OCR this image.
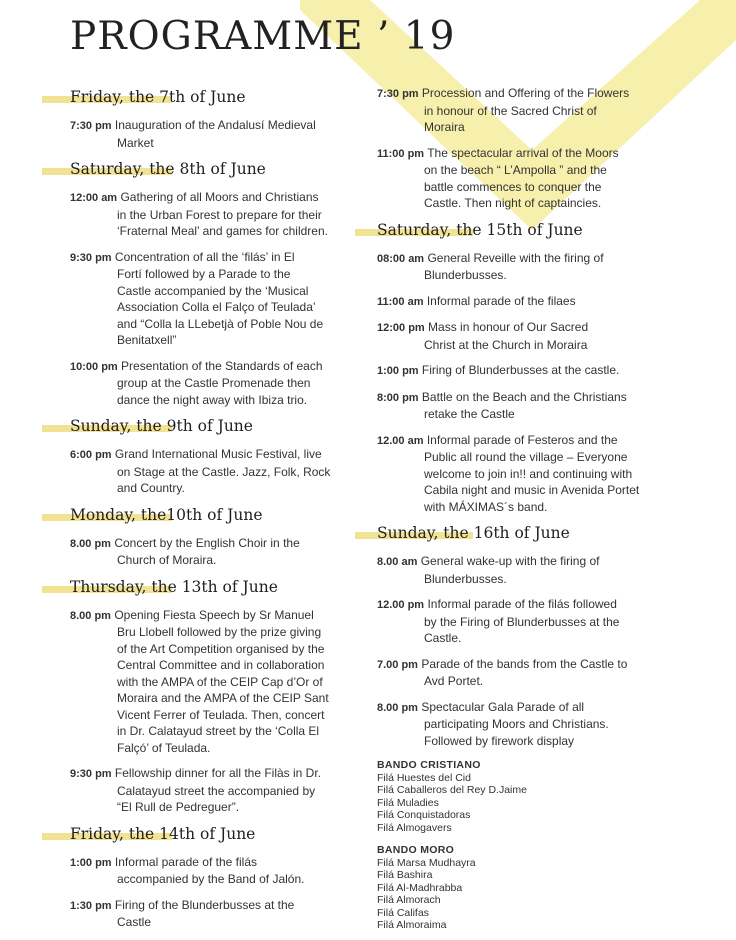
PROGRAMME ’ 19
Friday, the 7th of June
7:30 pm Inauguration of the Andalusí Medieval
Market
Saturday, the 8th of June
12:00 am Gathering of all Moors and Christians
in the Urban Forest to prepare for their
‘Fraternal Meal’ and games for children.
9:30 pm Concentration of all the ‘filás’ in El
Fortí followed by a Parade to the
Castle accompanied by the ‘Musical
Association Colla el Falço of Teulada’
and “Colla la LLebetjà of Poble Nou de
Benitatxell”
10:00 pm Presentation of the Standards of each
group at the Castle Promenade then
dance the night away with Ibiza trio.
Sunday, the 9th of June
6:00 pm Grand International Music Festival, live
on Stage at the Castle. Jazz, Folk, Rock
and Country.
Monday, the10th of June
8.00 pm Concert by the English Choir in the
Church of Moraira.
Thursday, the 13th of June
8.00 pm Opening Fiesta Speech by Sr Manuel
Bru Llobell followed by the prize giving
of the Art Competition organised by the
Central Committee and in collaboration
with the AMPA of the CEIP Cap d’Or of
Moraira and the AMPA of the CEIP Sant
Vicent Ferrer of Teulada. Then, concert
in Dr. Calatayud street by the ‘Colla El
Falçó’ of Teulada.
9:30 pm Fellowship dinner for all the Filàs in Dr.
Calatayud street the accompanied by
“El Rull de Pedreguer”.
Friday, the 14th of June
1:00 pm Informal parade of the filás
accompanied by the Band of Jalón.
1:30 pm Firing of the Blunderbusses at the
Castle
7:30 pm Procession and Offering of the Flowers
in honour of the Sacred Christ of
Moraira
11:00 pm The spectacular arrival of the Moors
on the beach “ L’Ampolla ” and the
battle commences to conquer the
Castle. Then night of captaincies.
Saturday, the 15th of June
08:00 am General Reveille with the firing of
Blunderbusses.
11:00 am Informal parade of the filaes
12:00 pm Mass in honour of Our Sacred
Christ at the Church in Moraira
1:00 pm Firing of Blunderbusses at the castle.
8:00 pm Battle on the Beach and the Christians
retake the Castle
12.00 am Informal parade of Festeros and the
Public all round the village – Everyone
welcome to join in!! and continuing with
Cabila night and music in Avenida Portet
with MÁXIMAS´s band.
Sunday, the 16th of June
8.00 am General wake-up with the firing of
Blunderbusses.
12.00 pm Informal parade of the filás followed
by the Firing of Blunderbusses at the
Castle.
7.00 pm Parade of the bands from the Castle to
Avd Portet.
8.00 pm Spectacular Gala Parade of all
participating Moors and Christians.
Followed by firework display
BANDO CRISTIANO
Filá Huestes del Cid
Filá Caballeros del Rey D.Jaime
Filá Muladies
Filá Conquistadoras
Filá Almogavers
BANDO MORO
Filá Marsa Mudhayra
Filá Bashira
Filá Al-Madhrabba
Filá Almorach
Filá Califas
Filá Almoraima
